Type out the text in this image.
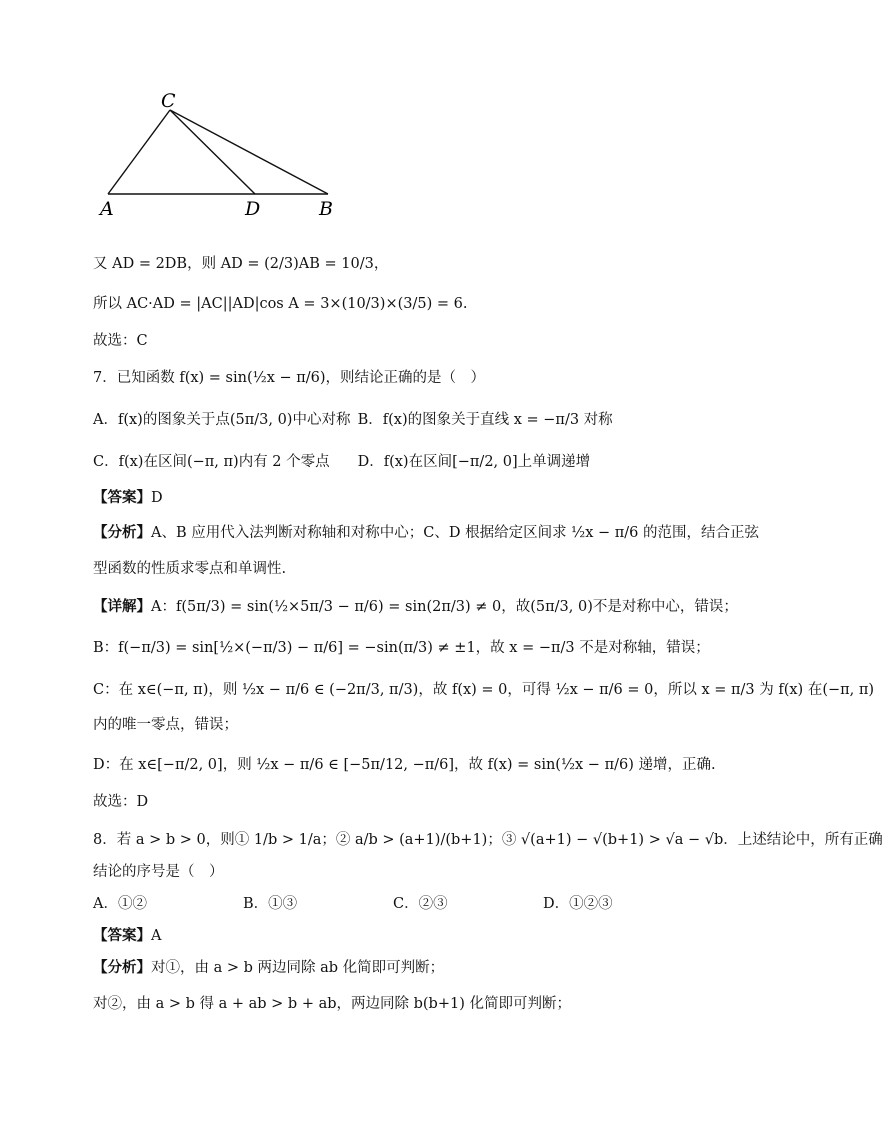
C
A	D	B
又 AD = 2DB，则 AD = (2/3)AB = 10/3，
所以 AC·AD = |AC||AD|cos A = 3×(10/3)×(3/5) = 6.
故选：C
7．已知函数 f(x) = sin(½x − π/6)，则结论正确的是（　）
A．f(x)的图象关于点(5π/3, 0)中心对称 B．f(x)的图象关于直线 x = −π/3 对称
C．f(x)在区间(−π, π)内有 2 个零点 D．f(x)在区间[−π/2, 0]上单调递增
【答案】D
【分析】A、B 应用代入法判断对称轴和对称中心；C、D 根据给定区间求 ½x − π/6 的范围，结合正弦
型函数的性质求零点和单调性.
【详解】A：f(5π/3) = sin(½×5π/3 − π/6) = sin(2π/3) ≠ 0，故(5π/3, 0)不是对称中心，错误；
B：f(−π/3) = sin[½×(−π/3) − π/6] = −sin(π/3) ≠ ±1，故 x = −π/3 不是对称轴，错误；
C：在 x∈(−π, π)，则 ½x − π/6 ∈ (−2π/3, π/3)，故 f(x) = 0，可得 ½x − π/6 = 0，所以 x = π/3 为 f(x) 在(−π, π)
内的唯一零点，错误；
D：在 x∈[−π/2, 0]，则 ½x − π/6 ∈ [−5π/12, −π/6]，故 f(x) = sin(½x − π/6) 递增，正确.
故选：D
8．若 a > b > 0，则① 1/b > 1/a；② a/b > (a+1)/(b+1)；③ √(a+1) − √(b+1) > √a − √b．上述结论中，所有正确
结论的序号是（　）
A．①②	B．①③	C．②③	D．①②③
【答案】A
【分析】对①，由 a > b 两边同除 ab 化简即可判断；
对②，由 a > b 得 a + ab > b + ab，两边同除 b(b+1) 化简即可判断；
